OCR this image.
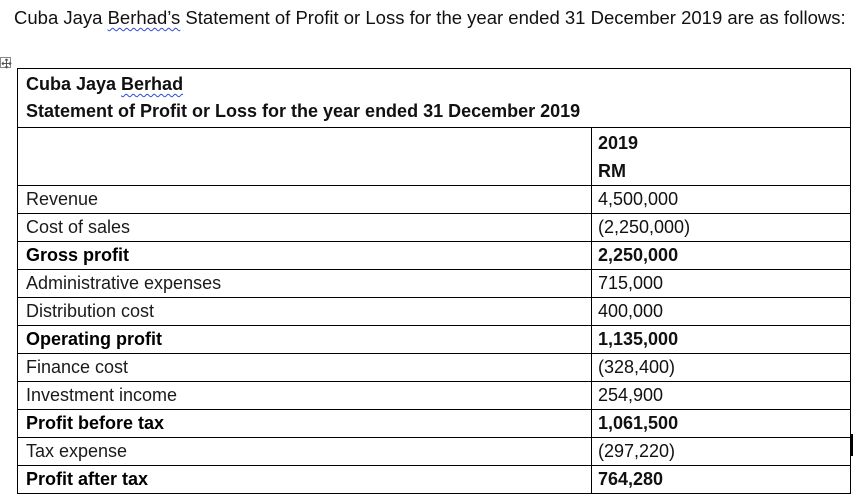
Cuba Jaya Berhad’s Statement of Profit or Loss for the year ended 31 December 2019 are as follows:

Cuba Jaya Berhad
Statement of Profit or Loss for the year ended 31 December 2019	

	2019
RM

Revenue	4,500,000
Cost of sales	(2,250,000)
Gross profit	2,250,000
Administrative expenses	715,000
Distribution cost	400,000
Operating profit	1,135,000
Finance cost	(328,400)
Investment income	254,900
Profit before tax	1,061,500
Tax expense	(297,220)
Profit after tax	764,280
